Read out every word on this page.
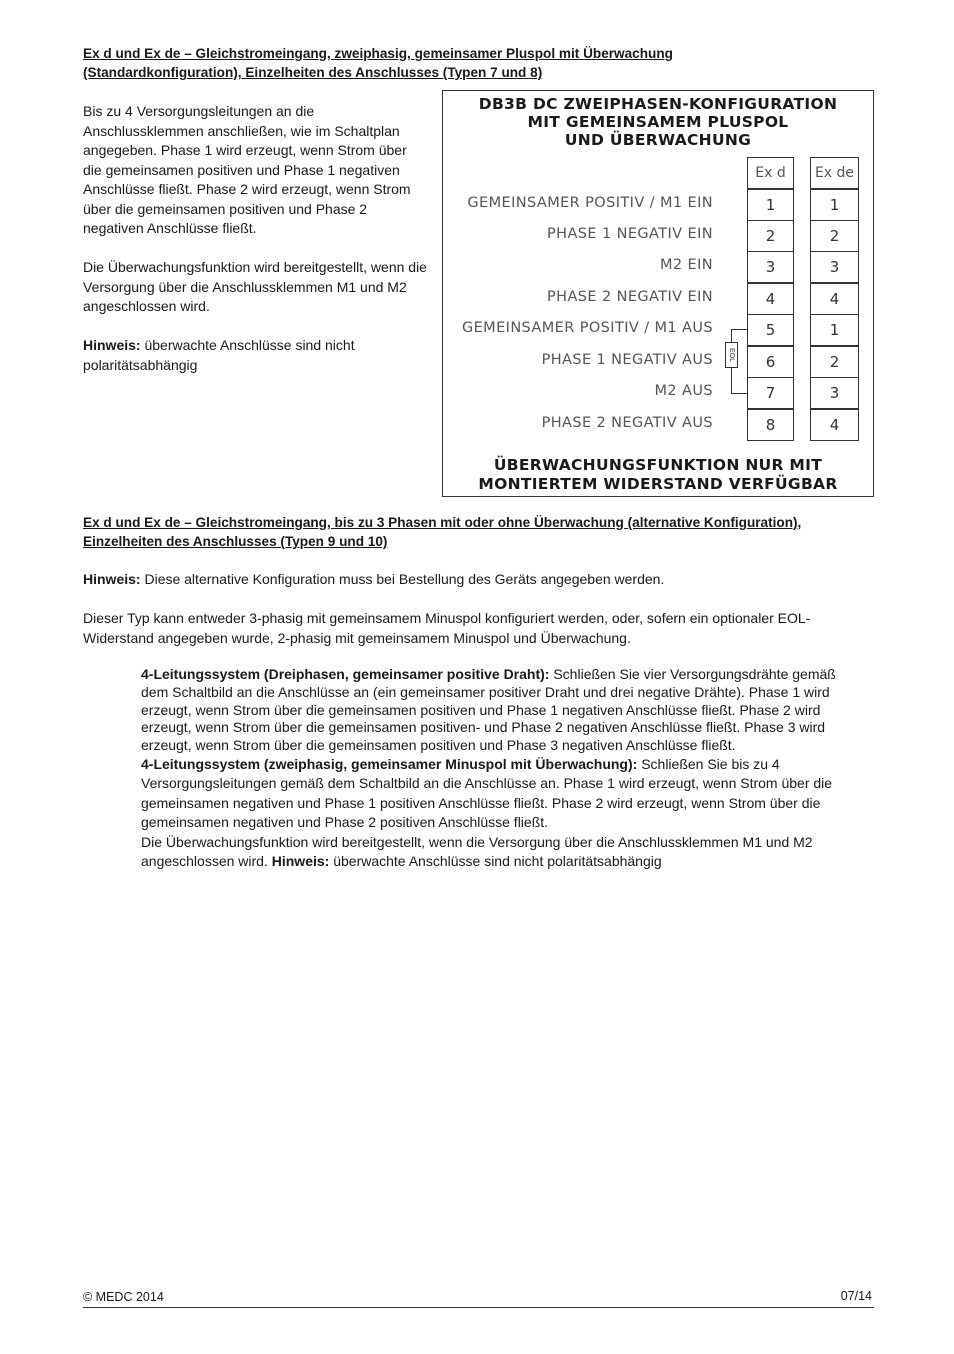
Ex d und Ex de – Gleichstromeingang, zweiphasig, gemeinsamer Pluspol mit Überwachung
(Standardkonfiguration), Einzelheiten des Anschlusses (Typen 7 und 8)

Bis zu 4 Versorgungsleitungen an die Anschlussklemmen anschließen, wie im Schaltplan angegeben. Phase 1 wird erzeugt, wenn Strom über die gemeinsamen positiven und Phase 1 negativen Anschlüsse fließt. Phase 2 wird erzeugt, wenn Strom über die gemeinsamen positiven und Phase 2 negativen Anschlüsse fließt.

Die Überwachungsfunktion wird bereitgestellt, wenn die Versorgung über die Anschlussklemmen M1 und M2 angeschlossen wird.

Hinweis: überwachte Anschlüsse sind nicht polaritätsabhängig

DB3B DC ZWEIPHASEN-KONFIGURATION
MIT GEMEINSAMEM PLUSPOL
UND ÜBERWACHUNG
Ex d	Ex de
GEMEINSAMER POSITIV / M1 EIN	1	1
PHASE 1 NEGATIV EIN	2	2
M2 EIN	3	3
PHASE 2 NEGATIV EIN	4	4
GEMEINSAMER POSITIV / M1 AUS	5	1
PHASE 1 NEGATIV AUS	6	2
M2 AUS	7	3
PHASE 2 NEGATIV AUS	8	4
EOL
ÜBERWACHUNGSFUNKTION NUR MIT
MONTIERTEM WIDERSTAND VERFÜGBAR
Ex d und Ex de – Gleichstromeingang, bis zu 3 Phasen mit oder ohne Überwachung (alternative Konfiguration),
Einzelheiten des Anschlusses (Typen 9 und 10)

Hinweis: Diese alternative Konfiguration muss bei Bestellung des Geräts angegeben werden.

Dieser Typ kann entweder 3-phasig mit gemeinsamem Minuspol konfiguriert werden, oder, sofern ein optionaler EOL-Widerstand angegeben wurde, 2-phasig mit gemeinsamem Minuspol und Überwachung.

4-Leitungssystem (Dreiphasen, gemeinsamer positive Draht): Schließen Sie vier Versorgungsdrähte gemäß dem Schaltbild an die Anschlüsse an (ein gemeinsamer positiver Draht und drei negative Drähte). Phase 1 wird erzeugt, wenn Strom über die gemeinsamen positiven und Phase 1 negativen Anschlüsse fließt. Phase 2 wird erzeugt, wenn Strom über die gemeinsamen positiven- und Phase 2 negativen Anschlüsse fließt. Phase 3 wird erzeugt, wenn Strom über die gemeinsamen positiven und Phase 3 negativen Anschlüsse fließt.
4-Leitungssystem (zweiphasig, gemeinsamer Minuspol mit Überwachung): Schließen Sie bis zu 4 Versorgungsleitungen gemäß dem Schaltbild an die Anschlüsse an. Phase 1 wird erzeugt, wenn Strom über die gemeinsamen negativen und Phase 1 positiven Anschlüsse fließt. Phase 2 wird erzeugt, wenn Strom über die gemeinsamen negativen und Phase 2 positiven Anschlüsse fließt.
Die Überwachungsfunktion wird bereitgestellt, wenn die Versorgung über die Anschlussklemmen M1 und M2 angeschlossen wird. Hinweis: überwachte Anschlüsse sind nicht polaritätsabhängig
© MEDC 2014	07/14
